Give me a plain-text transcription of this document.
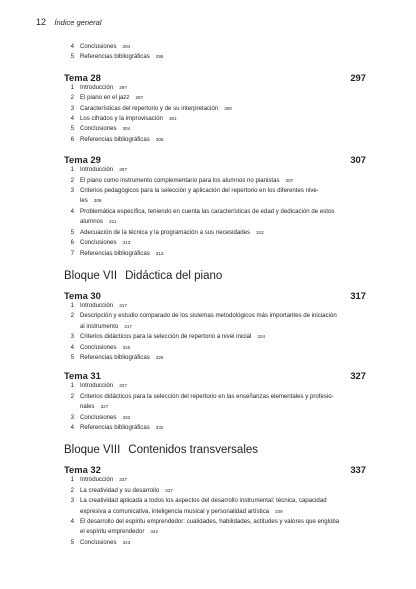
12 Índice general
4 Conclusiones 294
5 Referencias bibliográficas 295
Tema 28	297
1 Introducción 297
2 El piano en el jazz 297
3 Características del repertorio y de su interpretación 300
4 Los cifrados y la improvisación 301
5 Conclusiones 304
6 Referencias bibliográficas 305
Tema 29	307
1 Introducción 307
2 El piano como instrumento complementario para los alumnos no pianistas 307
3 Criterios pedagógicos para la selección y aplicación del repertorio en los diferentes nive-
les 309
4 Problemática específica, teniendo en cuenta las características de edad y dedicación de estos
alumnos 311
5 Adecuación de la técnica y la programación a sus necesidades 312
6 Conclusiones 313
7 Referencias bibliográficas 313
Bloque VII Didáctica del piano
Tema 30	317
1 Introducción 317
2 Descripción y estudio comparado de los sistemas metodológicos más importantes de iniciación
al instrumento 317
3 Criterios didácticos para la selección de repertorio a nivel inicial 324
4 Conclusiones 325
5 Referencias bibliográficas 325
Tema 31	327
1 Introducción 327
2 Criterios didácticos para la selección del repertorio en las enseñanzas elementales y profesio-
nales 327
3 Conclusiones 332
4 Referencias bibliográficas 332
Bloque VIII Contenidos transversales
Tema 32	337
1 Introducción 337
2 La creatividad y su desarrollo 337
3 La creatividad aplicada a todos los aspectos del desarrollo instrumental: técnica, capacidad
expresiva a comunicativa, inteligencia musical y personalidad artística 339
4 El desarrollo del espíritu emprendedor: cualidades, habilidades, actitudes y valores que engloba
el espíritu emprendedor 342
5 Conclusiones 343
